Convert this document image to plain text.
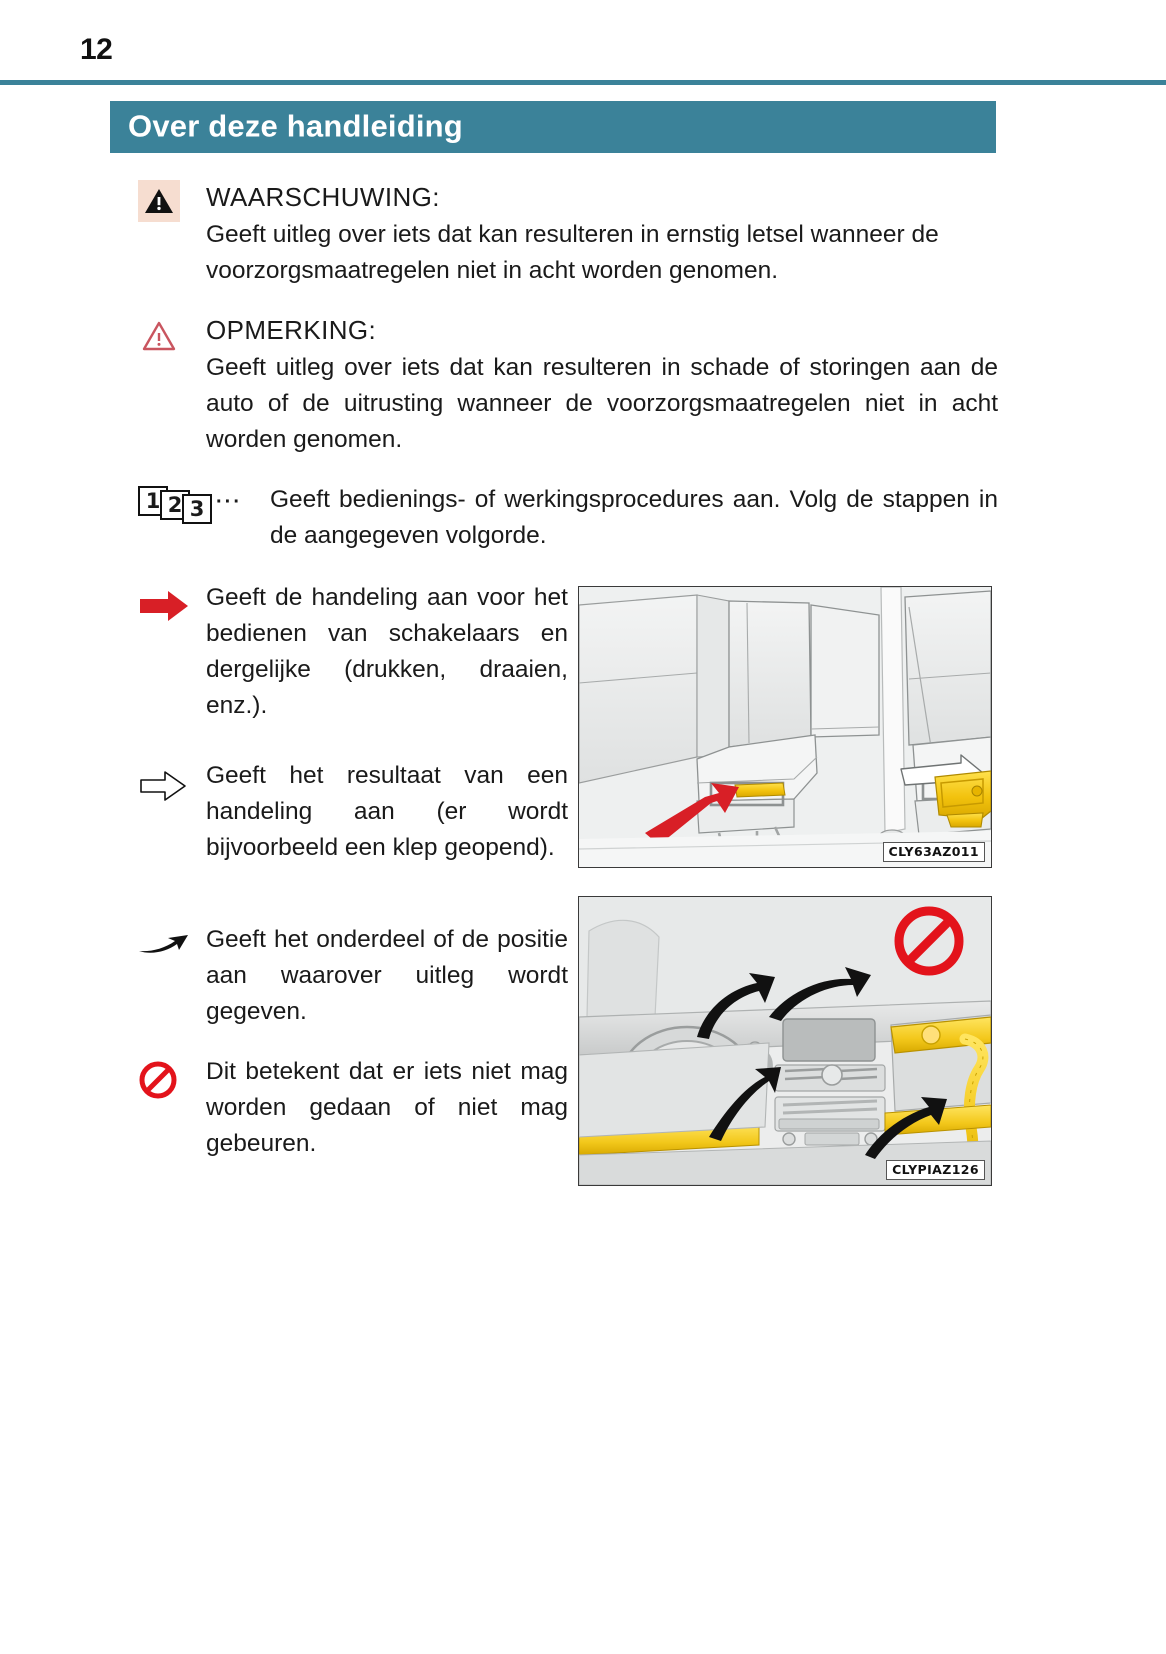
12
Over deze handleiding
WAARSCHUWING:
Geeft uitleg over iets dat kan resulteren in ernstig letsel wanneer de voorzorgsmaatregelen niet in acht worden genomen.
OPMERKING:
Geeft uitleg over iets dat kan resulteren in schade of storingen aan de auto of de uitrusting wanneer de voorzorgsmaatregelen niet in acht worden genomen.
1 2 3 ··· Geeft bedienings- of werkingsprocedures aan. Volg de stappen in de aangegeven volgorde.
Geeft de handeling aan voor het bedienen van schakelaars en dergelijke (drukken, draaien, enz.).
Geeft het resultaat van een handeling aan (er wordt bijvoorbeeld een klep geopend).
Geeft het onderdeel of de positie aan waarover uitleg wordt gegeven.
Dit betekent dat er iets niet mag worden gedaan of niet mag gebeuren.
CLY63AZ011
CLYPIAZ126
